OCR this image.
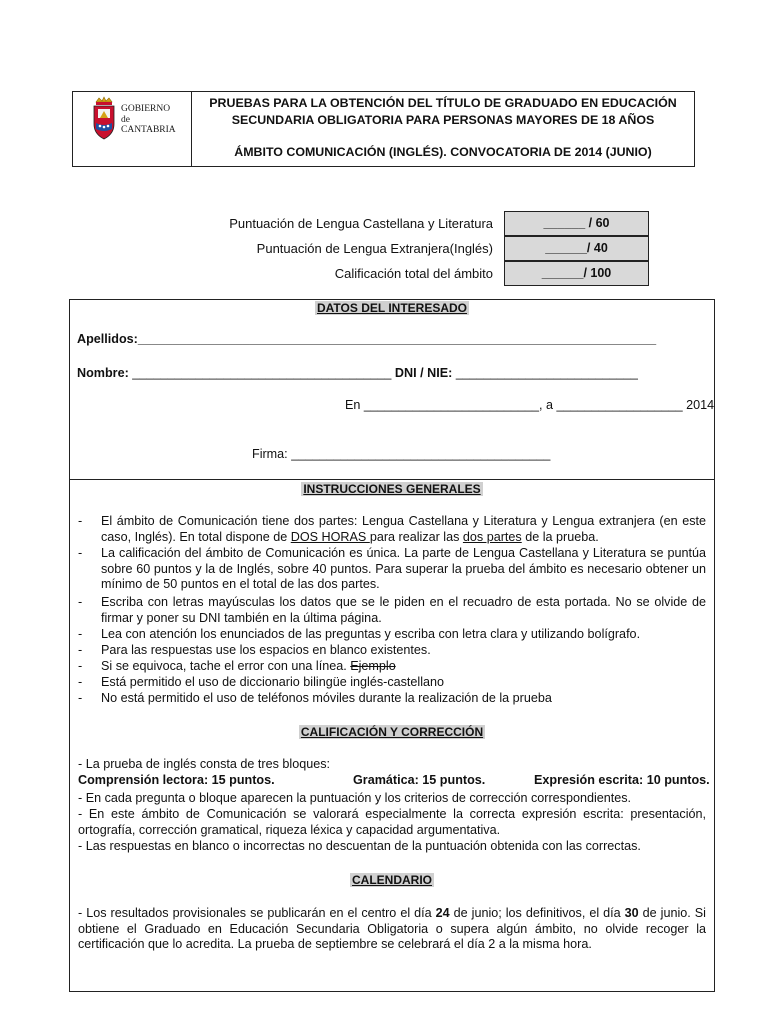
GOBIERNO
de
CANTABRIA
PRUEBAS PARA LA OBTENCIÓN DEL TÍTULO DE GRADUADO EN EDUCACIÓN
SECUNDARIA OBLIGATORIA PARA PERSONAS MAYORES DE 18 AÑOS
ÁMBITO COMUNICACIÓN (INGLÉS). CONVOCATORIA DE 2014 (JUNIO)
Puntuación de Lengua Castellana y Literatura	______ / 60
Puntuación de Lengua Extranjera(Inglés)	______/ 40
Calificación total del ámbito	______/ 100
DATOS DEL INTERESADO
Apellidos:__________________________________________________________________________
Nombre: _____________________________________ DNI / NIE: __________________________
En _________________________, a __________________ 2014
Firma: _____________________________________
INSTRUCCIONES GENERALES
- El ámbito de Comunicación tiene dos partes: Lengua Castellana y Literatura y Lengua extranjera (en este caso, Inglés). En total dispone de DOS HORAS para realizar las dos partes de la prueba.
- La calificación del ámbito de Comunicación es única. La parte de Lengua Castellana y Literatura se puntúa sobre 60 puntos y la de Inglés, sobre 40 puntos. Para superar la prueba del ámbito es necesario obtener un mínimo de 50 puntos en el total de las dos partes.
- Escriba con letras mayúsculas los datos que se le piden en el recuadro de esta portada. No se olvide de firmar y poner su DNI también en la última página.
- Lea con atención los enunciados de las preguntas y escriba con letra clara y utilizando bolígrafo.
- Para las respuestas use los espacios en blanco existentes.
- Si se equivoca, tache el error con una línea. Ejemplo
- Está permitido el uso de diccionario bilingüe inglés-castellano
- No está permitido el uso de teléfonos móviles durante la realización de la prueba
CALIFICACIÓN Y CORRECCIÓN
- La prueba de inglés consta de tres bloques:
Comprensión lectora: 15 puntos.	Gramática: 15 puntos.	Expresión escrita: 10 puntos.
- En cada pregunta o bloque aparecen la puntuación y los criterios de corrección correspondientes.
- En este ámbito de Comunicación se valorará especialmente la correcta expresión escrita: presentación, ortografía, corrección gramatical, riqueza léxica y capacidad argumentativa.
- Las respuestas en blanco o incorrectas no descuentan de la puntuación obtenida con las correctas.
CALENDARIO
- Los resultados provisionales se publicarán en el centro el día 24 de junio; los definitivos, el día 30 de junio. Si obtiene el Graduado en Educación Secundaria Obligatoria o supera algún ámbito, no olvide recoger la certificación que lo acredita. La prueba de septiembre se celebrará el día 2 a la misma hora.
